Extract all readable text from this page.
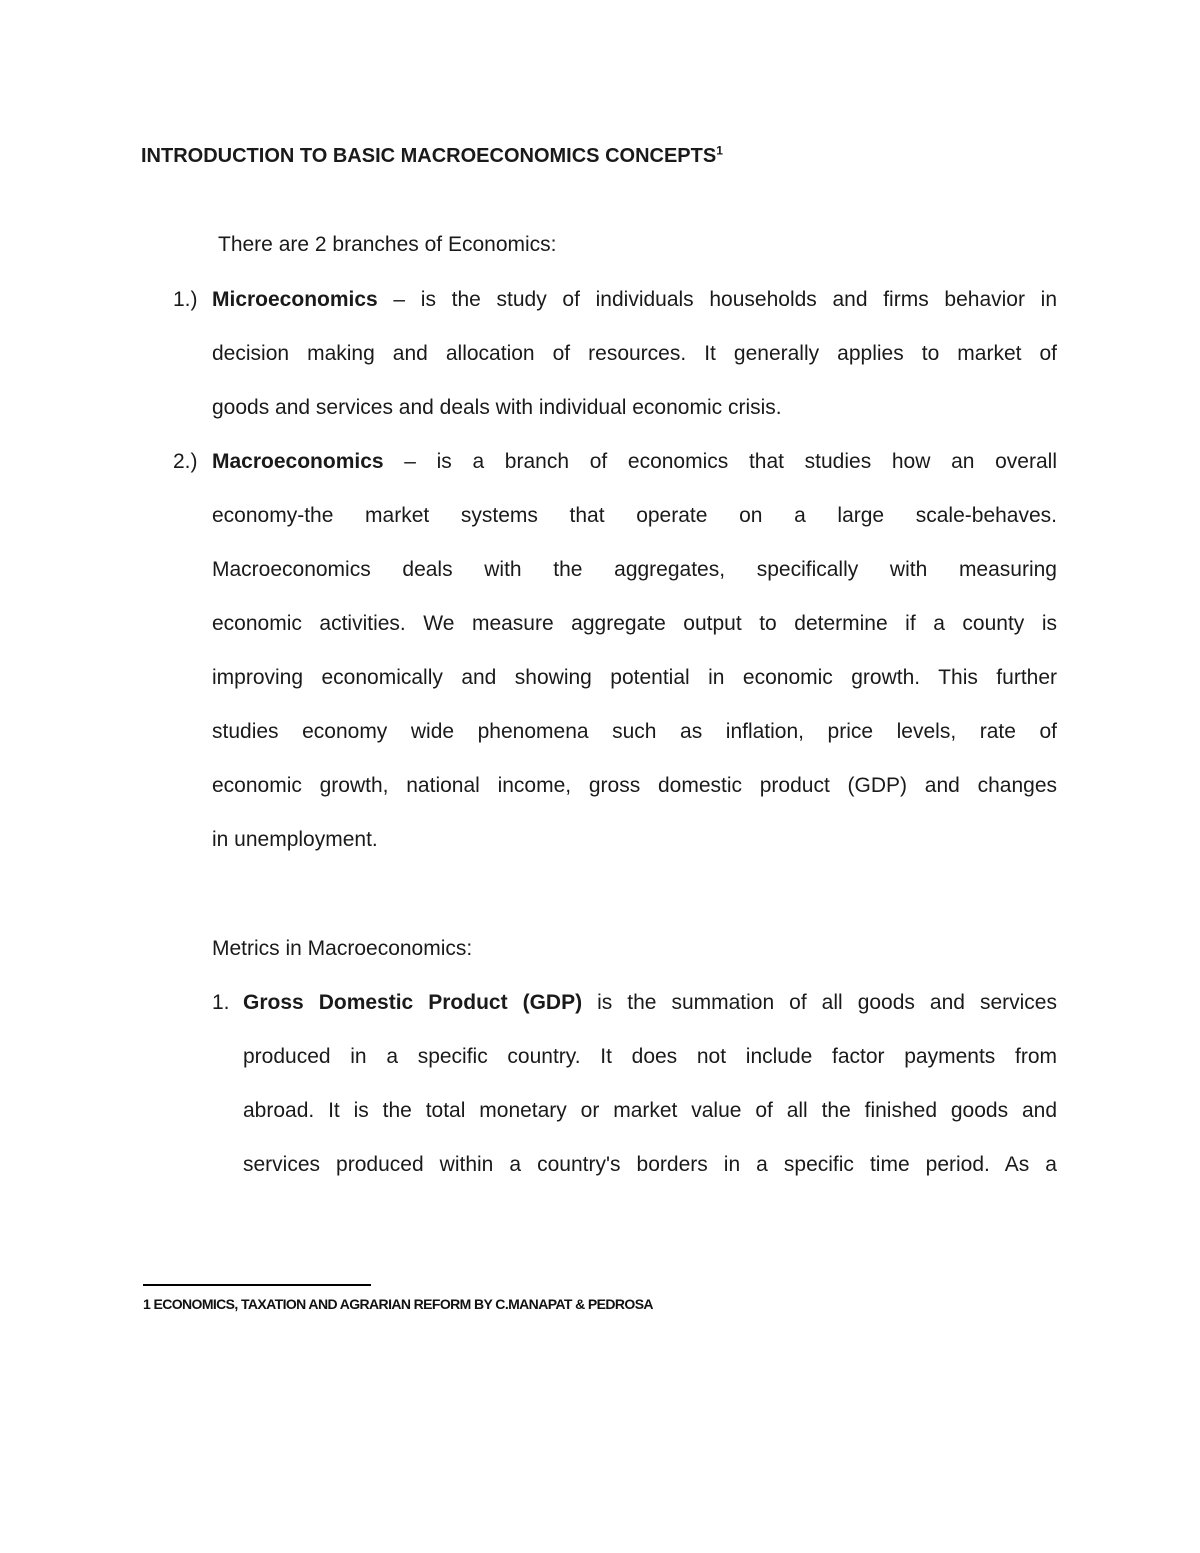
INTRODUCTION TO BASIC MACROECONOMICS CONCEPTS$^1$
There are 2 branches of Economics:
1.) Microeconomics – is the study of individuals households and firms behavior in
decision making and allocation of resources. It generally applies to market of
goods and services and deals with individual economic crisis.
2.) Macroeconomics – is a branch of economics that studies how an overall
economy-the market systems that operate on a large scale-behaves.
Macroeconomics deals with the aggregates, specifically with measuring
economic activities. We measure aggregate output to determine if a county is
improving economically and showing potential in economic growth. This further
studies economy wide phenomena such as inflation, price levels, rate of
economic growth, national income, gross domestic product (GDP) and changes
in unemployment.
Metrics in Macroeconomics:
1. Gross Domestic Product (GDP) is the summation of all goods and services
produced in a specific country. It does not include factor payments from
abroad. It is the total monetary or market value of all the finished goods and
services produced within a country's borders in a specific time period. As a
1 ECONOMICS, TAXATION AND AGRARIAN REFORM BY C.MANAPAT & PEDROSA
